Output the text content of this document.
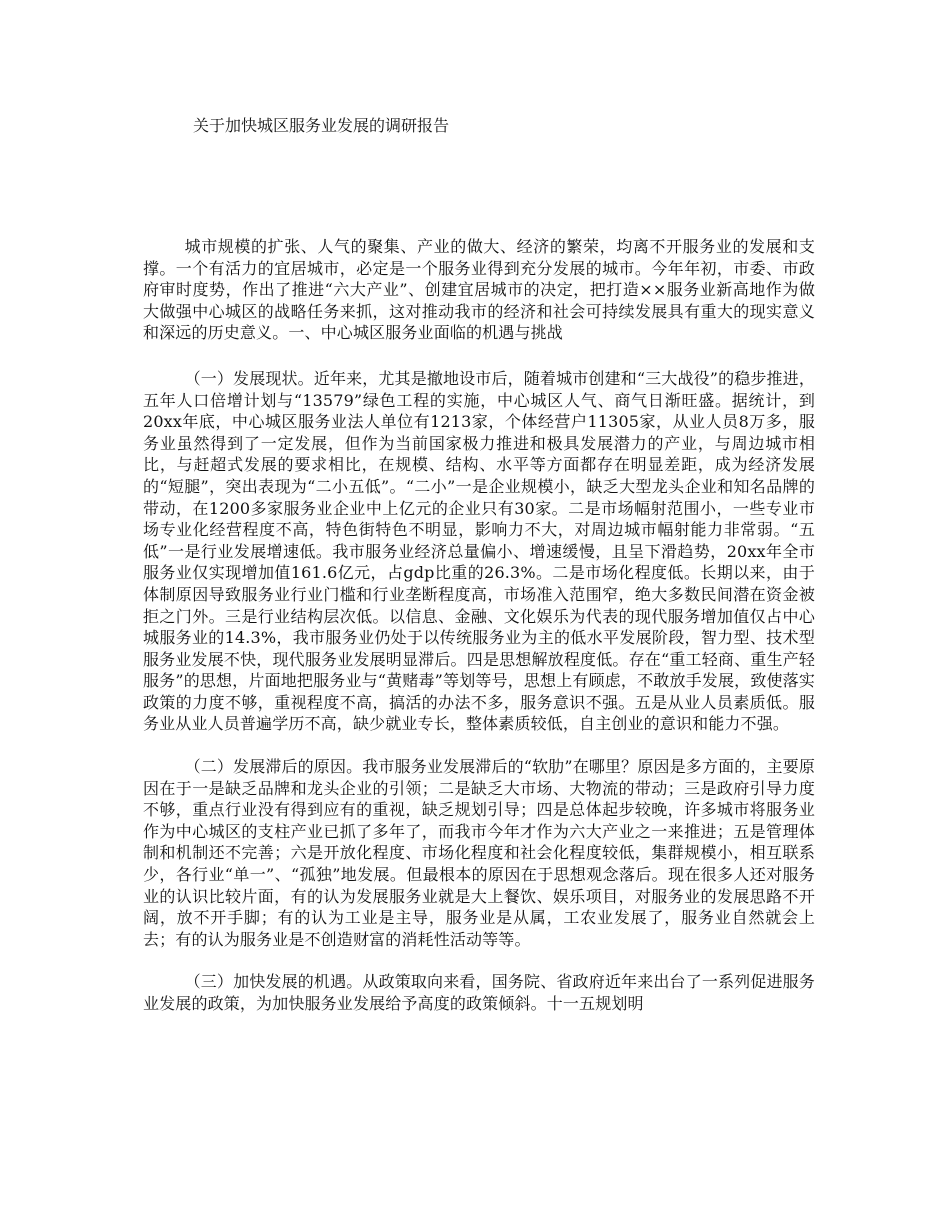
关于加快城区服务业发展的调研报告

城市规模的扩张、人气的聚集、产业的做大、经济的繁荣，均离不开服务业的发展和支撑。一个有活力的宜居城市，必定是一个服务业得到充分发展的城市。今年年初，市委、市政府审时度势，作出了推进“六大产业”、创建宜居城市的决定，把打造××服务业新高地作为做大做强中心城区的战略任务来抓，这对推动我市的经济和社会可持续发展具有重大的现实意义和深远的历史意义。一、中心城区服务业面临的机遇与挑战

（一）发展现状。近年来，尤其是撤地设市后，随着城市创建和“三大战役”的稳步推进，五年人口倍增计划与“13579”绿色工程的实施，中心城区人气、商气日渐旺盛。据统计，到20xx年底，中心城区服务业法人单位有1213家，个体经营户11305家，从业人员8万多，服务业虽然得到了一定发展，但作为当前国家极力推进和极具发展潜力的产业，与周边城市相比，与赶超式发展的要求相比，在规模、结构、水平等方面都存在明显差距，成为经济发展的“短腿”，突出表现为“二小五低”。“二小”一是企业规模小，缺乏大型龙头企业和知名品牌的带动，在1200多家服务业企业中上亿元的企业只有30家。二是市场幅射范围小，一些专业市场专业化经营程度不高，特色街特色不明显，影响力不大，对周边城市幅射能力非常弱。“五低”一是行业发展增速低。我市服务业经济总量偏小、增速缓慢，且呈下滑趋势，20xx年全市服务业仅实现增加值161.6亿元，占gdp比重的26.3%。二是市场化程度低。长期以来，由于体制原因导致服务业行业门槛和行业垄断程度高，市场准入范围窄，绝大多数民间潜在资金被拒之门外。三是行业结构层次低。以信息、金融、文化娱乐为代表的现代服务增加值仅占中心城服务业的14.3%，我市服务业仍处于以传统服务业为主的低水平发展阶段，智力型、技术型服务业发展不快，现代服务业发展明显滞后。四是思想解放程度低。存在“重工轻商、重生产轻服务”的思想，片面地把服务业与“黄赌毒”等划等号，思想上有顾虑，不敢放手发展，致使落实政策的力度不够，重视程度不高，搞活的办法不多，服务意识不强。五是从业人员素质低。服务业从业人员普遍学历不高，缺少就业专长，整体素质较低，自主创业的意识和能力不强。

（二）发展滞后的原因。我市服务业发展滞后的“软肋”在哪里？原因是多方面的，主要原因在于一是缺乏品牌和龙头企业的引领；二是缺乏大市场、大物流的带动；三是政府引导力度不够，重点行业没有得到应有的重视，缺乏规划引导；四是总体起步较晚，许多城市将服务业作为中心城区的支柱产业已抓了多年了，而我市今年才作为六大产业之一来推进；五是管理体制和机制还不完善；六是开放化程度、市场化程度和社会化程度较低，集群规模小，相互联系少，各行业“单一”、“孤独”地发展。但最根本的原因在于思想观念落后。现在很多人还对服务业的认识比较片面，有的认为发展服务业就是大上餐饮、娱乐项目，对服务业的发展思路不开阔，放不开手脚；有的认为工业是主导，服务业是从属，工农业发展了，服务业自然就会上去；有的认为服务业是不创造财富的消耗性活动等等。

（三）加快发展的机遇。从政策取向来看，国务院、省政府近年来出台了一系列促进服务业发展的政策，为加快服务业发展给予高度的政策倾斜。十一五规划明
